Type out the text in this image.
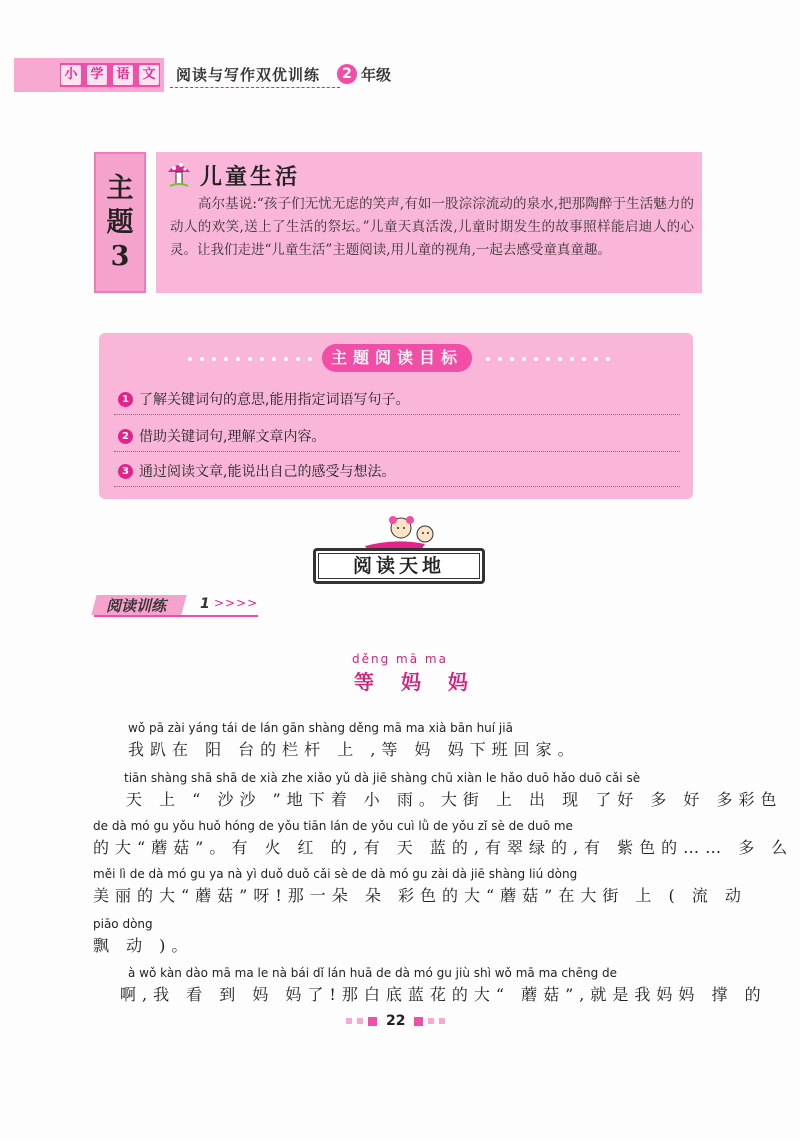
小 学 语 文 阅读与写作双优训练	2 年级
主
题
3
儿童生活
高尔基说:“孩子们无忧无虑的笑声,有如一股淙淙流动的泉水,把那陶醉于生活魅力的动人的欢笑,送上了生活的祭坛。”儿童天真活泼,儿童时期发生的故事照样能启迪人的心灵。让我们走进“儿童生活”主题阅读,用儿童的视角,一起去感受童真童趣。
主题阅读目标
1 了解关键词句的意思,能用指定词语写句子。
2 借助关键词句,理解文章内容。
3 通过阅读文章,能说出自己的感受与想法。
阅读天地
阅读训练 1 >>>>
děng mā ma
等 妈 妈
wǒ pā zài yáng tái de lán gān shàng děng mā ma xià bān huí jiā
我趴在 阳 台的栏杆 上 ,等 妈 妈下班回家。
tiān shàng shā shā de xià zhe xiǎo yǔ dà jiē shàng chū xiàn le hǎo duō hǎo duō cǎi sè
天 上 “ 沙沙 ”地下着 小 雨。大街 上 出 现 了好 多 好 多彩色
de dà mó gu yǒu huǒ hóng de yǒu tiān lán de yǒu cuì lǜ de yǒu zǐ sè de duō me
的大“蘑菇”。有 火 红 的,有 天 蓝的,有翠绿的,有 紫色的…… 多 么
měi lì de dà mó gu ya nà yì duǒ duǒ cǎi sè de dà mó gu zài dà jiē shàng liú dòng
美丽的大“蘑菇”呀!那一朵 朵 彩色的大“蘑菇”在大街 上 ( 流 动
piāo dòng
飘 动 )。
à wǒ kàn dào mā ma le nà bái dǐ lán huā de dà mó gu jiù shì wǒ mā ma chēng de
啊,我 看 到 妈 妈了!那白底蓝花的大“ 蘑菇”,就是我妈妈 撑 的
22
